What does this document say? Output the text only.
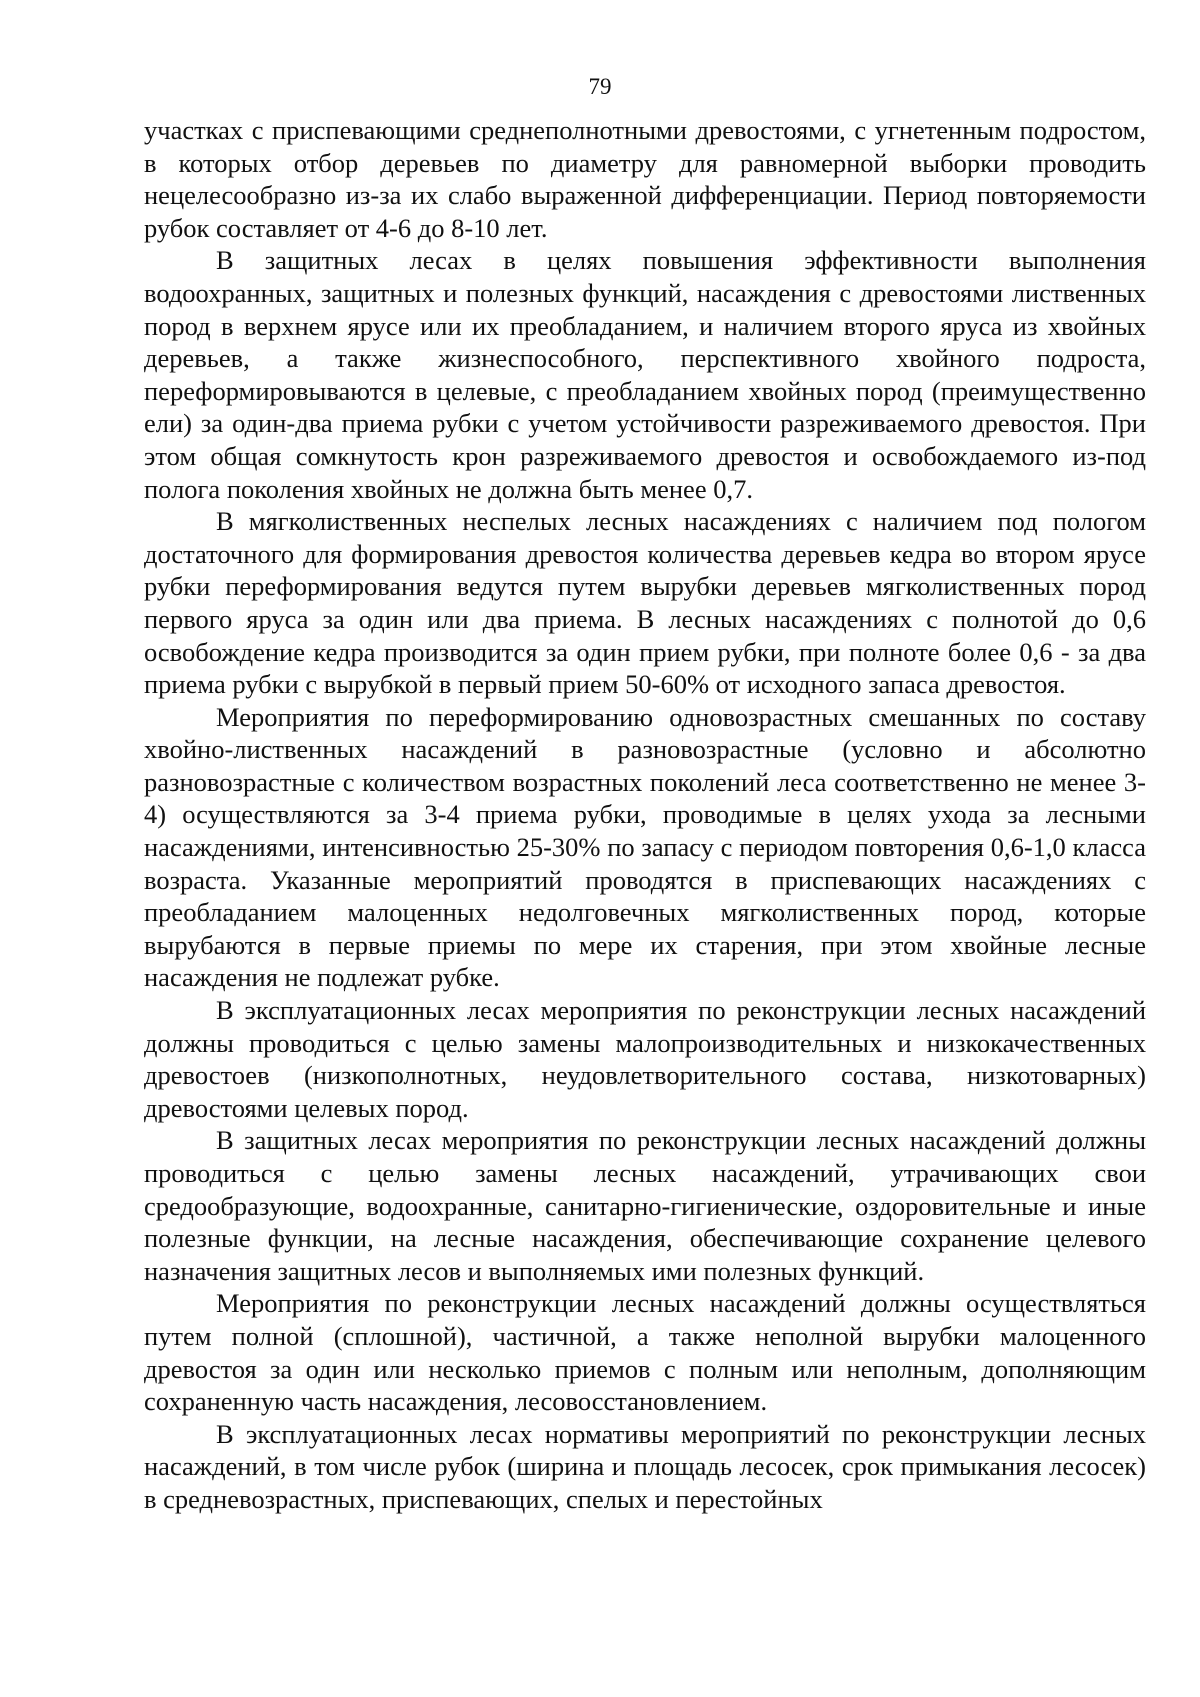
79

участках с приспевающими среднеполнотными древостоями, с угнетенным подростом, в которых отбор деревьев по диаметру для равномерной выборки проводить нецелесообразно из-за их слабо выраженной дифференциации. Период повторяемости рубок составляет от 4-6 до 8-10 лет.

В защитных лесах в целях повышения эффективности выполнения водоохранных, защитных и полезных функций, насаждения с древостоями лиственных пород в верхнем ярусе или их преобладанием, и наличием второго яруса из хвойных деревьев, а также жизнеспособного, перспективного хвойного подроста, переформировываются в целевые, с преобладанием хвойных пород (преимущественно ели) за один-два приема рубки с учетом устойчивости разреживаемого древостоя. При этом общая сомкнутость крон разреживаемого древостоя и освобождаемого из-под полога поколения хвойных не должна быть менее 0,7.

В мягколиственных неспелых лесных насаждениях с наличием под пологом достаточного для формирования древостоя количества деревьев кедра во втором ярусе рубки переформирования ведутся путем вырубки деревьев мягколиственных пород первого яруса за один или два приема. В лесных насаждениях с полнотой до 0,6 освобождение кедра производится за один прием рубки, при полноте более 0,6 - за два приема рубки с вырубкой в первый прием 50-60% от исходного запаса древостоя.

Мероприятия по переформированию одновозрастных смешанных по составу хвойно-лиственных насаждений в разновозрастные (условно и абсолютно разновозрастные с количеством возрастных поколений леса соответственно не менее 3-4) осуществляются за 3-4 приема рубки, проводимые в целях ухода за лесными насаждениями, интенсивностью 25-30% по запасу с периодом повторения 0,6-1,0 класса возраста. Указанные мероприятий проводятся в приспевающих насаждениях с преобладанием малоценных недолговечных мягколиственных пород, которые вырубаются в первые приемы по мере их старения, при этом хвойные лесные насаждения не подлежат рубке.

В эксплуатационных лесах мероприятия по реконструкции лесных насаждений должны проводиться с целью замены малопроизводительных и низкокачественных древостоев (низкополнотных, неудовлетворительного состава, низкотоварных) древостоями целевых пород.

В защитных лесах мероприятия по реконструкции лесных насаждений должны проводиться с целью замены лесных насаждений, утрачивающих свои средообразующие, водоохранные, санитарно-гигиенические, оздоровительные и иные полезные функции, на лесные насаждения, обеспечивающие сохранение целевого назначения защитных лесов и выполняемых ими полезных функций.

Мероприятия по реконструкции лесных насаждений должны осуществляться путем полной (сплошной), частичной, а также неполной вырубки малоценного древостоя за один или несколько приемов с полным или неполным, дополняющим сохраненную часть насаждения, лесовосстановлением.

В эксплуатационных лесах нормативы мероприятий по реконструкции лесных насаждений, в том числе рубок (ширина и площадь лесосек, срок примыкания лесосек) в средневозрастных, приспевающих, спелых и перестойных
